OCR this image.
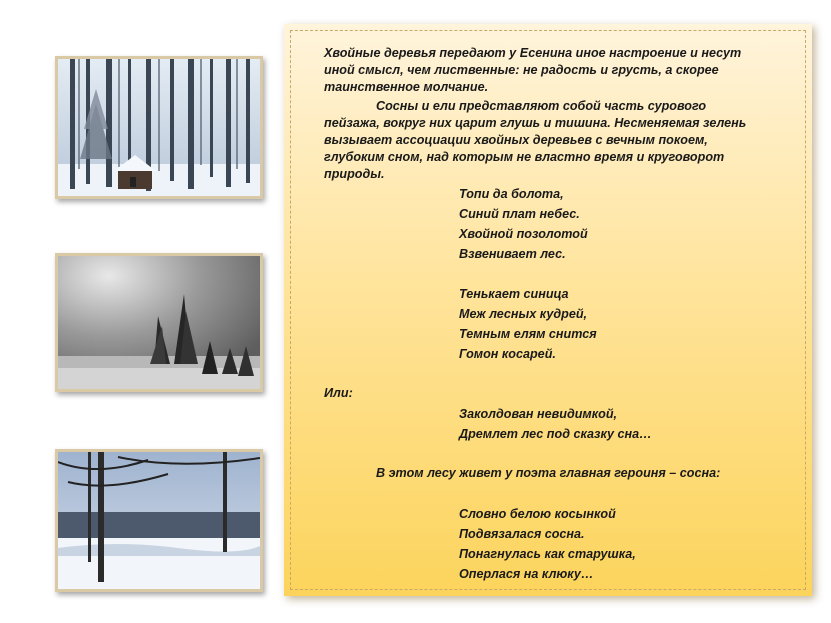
Хвойные деревья передают у Есенина иное настроение и несут
иной смысл, чем лиственные: не радость и грусть, а скорее
таинственное молчание.
Сосны и ели представляют собой часть сурового
пейзажа, вокруг них царит глушь и тишина. Несменяемая зелень
вызывает ассоциации хвойных деревьев с вечным покоем,
глубоким сном, над которым не властно время и круговорот
природы.
Топи да болота,
Синий плат небес.
Хвойной позолотой
Взвенивает лес.
Тенькает синица
Меж лесных кудрей,
Темным елям снится
Гомон косарей.
Или:
Заколдован невидимкой,
Дремлет лес под сказку сна…
В этом лесу живет у поэта главная героиня – сосна:
Словно белою косынкой
Подвязалася сосна.
Понагнулась как старушка,
Оперлася на клюку…
